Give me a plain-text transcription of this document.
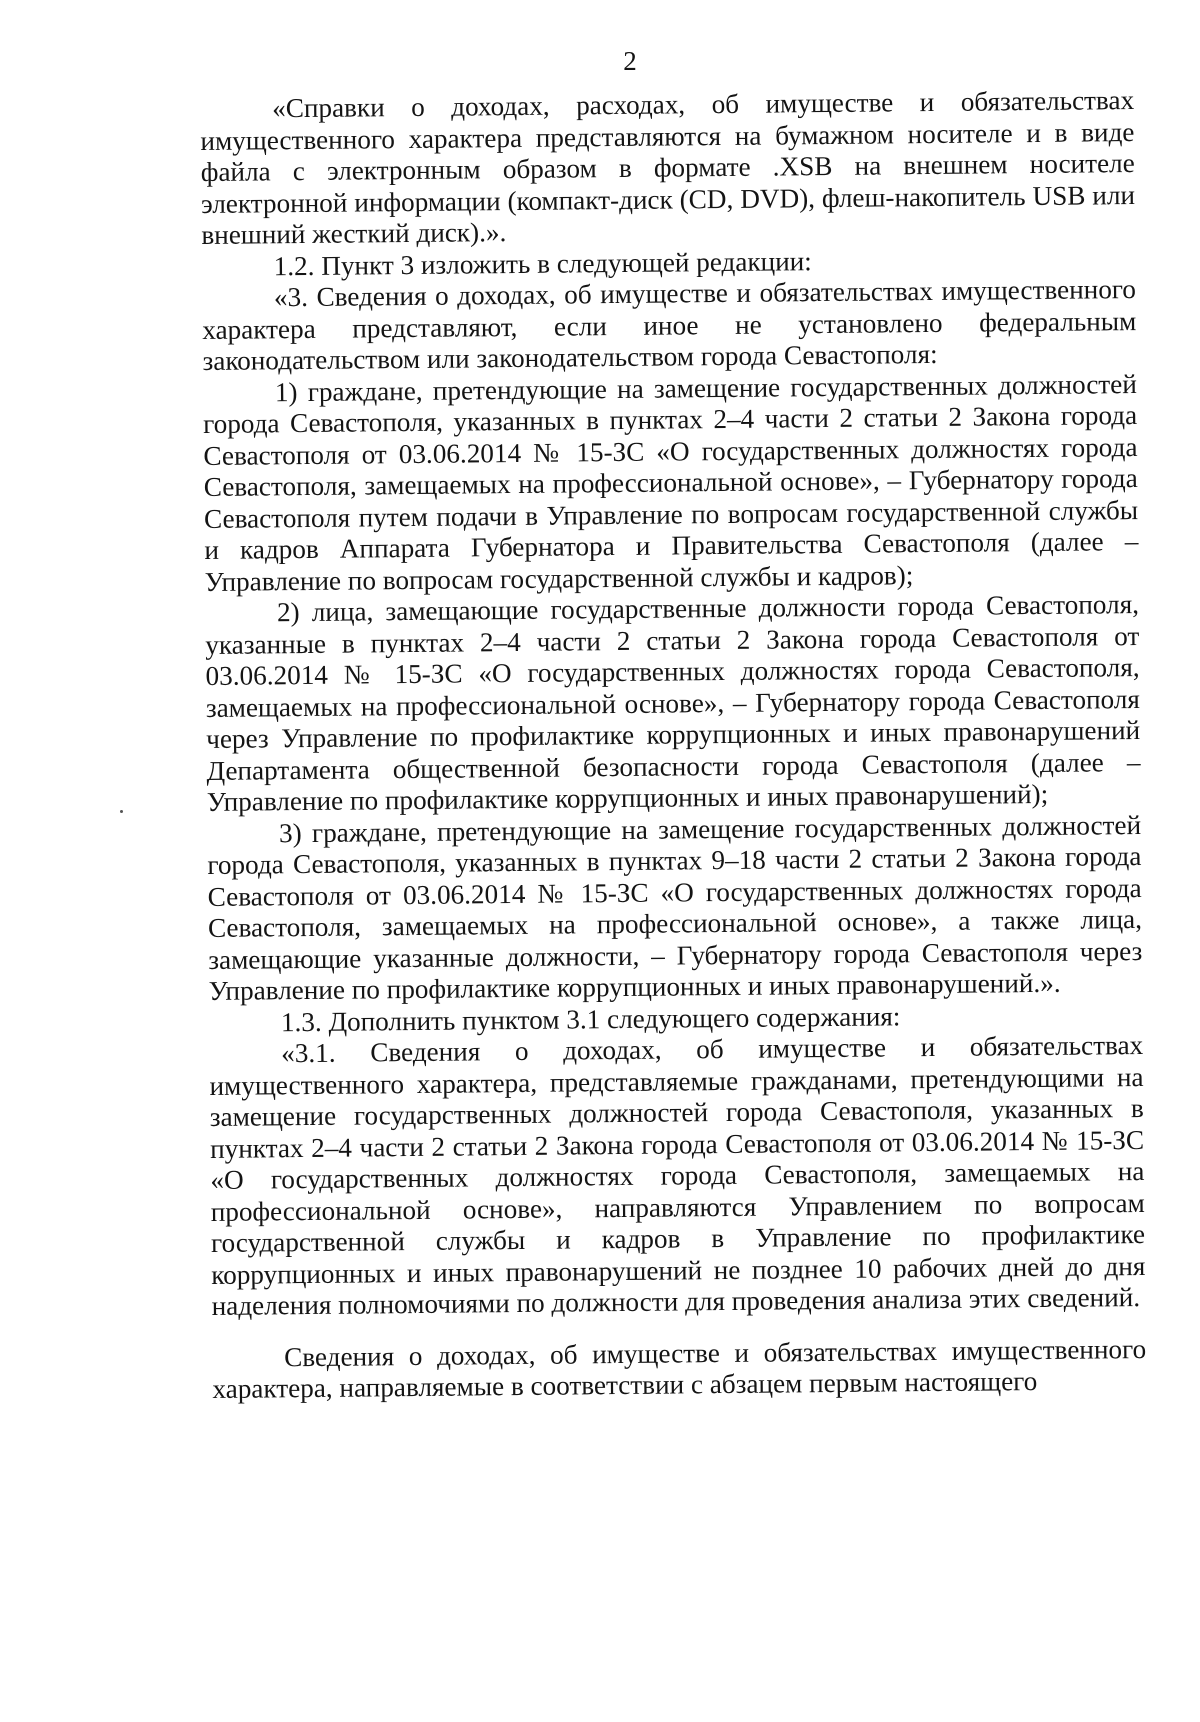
2

«Справки о доходах, расходах, об имуществе и обязательствах имущественного характера представляются на бумажном носителе и в виде файла с электронным образом в формате .XSB на внешнем носителе электронной информации (компакт-диск (CD, DVD), флеш-накопитель USB или внешний жесткий диск).».

1.2. Пункт 3 изложить в следующей редакции:

«3. Сведения о доходах, об имуществе и обязательствах имущественного характера представляют, если иное не установлено федеральным законодательством или законодательством города Севастополя:

1) граждане, претендующие на замещение государственных должностей города Севастополя, указанных в пунктах 2–4 части 2 статьи 2 Закона города Севастополя от 03.06.2014 № 15-ЗС «О государственных должностях города Севастополя, замещаемых на профессиональной основе», – Губернатору города Севастополя путем подачи в Управление по вопросам государственной службы и кадров Аппарата Губернатора и Правительства Севастополя (далее – Управление по вопросам государственной службы и кадров);

2) лица, замещающие государственные должности города Севастополя, указанные в пунктах 2–4 части 2 статьи 2 Закона города Севастополя от 03.06.2014 № 15-ЗС «О государственных должностях города Севастополя, замещаемых на профессиональной основе», – Губернатору города Севастополя через Управление по профилактике коррупционных и иных правонарушений Департамента общественной безопасности города Севастополя (далее – Управление по профилактике коррупционных и иных правонарушений);

3) граждане, претендующие на замещение государственных должностей города Севастополя, указанных в пунктах 9–18 части 2 статьи 2 Закона города Севастополя от 03.06.2014 № 15-ЗС «О государственных должностях города Севастополя, замещаемых на профессиональной основе», а также лица, замещающие указанные должности, – Губернатору города Севастополя через Управление по профилактике коррупционных и иных правонарушений.».

1.3. Дополнить пунктом 3.1 следующего содержания:

«3.1. Сведения о доходах, об имуществе и обязательствах имущественного характера, представляемые гражданами, претендующими на замещение государственных должностей города Севастополя, указанных в пунктах 2–4 части 2 статьи 2 Закона города Севастополя от 03.06.2014 № 15-ЗС «О государственных должностях города Севастополя, замещаемых на профессиональной основе», направляются Управлением по вопросам государственной службы и кадров в Управление по профилактике коррупционных и иных правонарушений не позднее 10 рабочих дней до дня наделения полномочиями по должности для проведения анализа этих сведений.

Сведения о доходах, об имуществе и обязательствах имущественного характера, направляемые в соответствии с абзацем первым настоящего
